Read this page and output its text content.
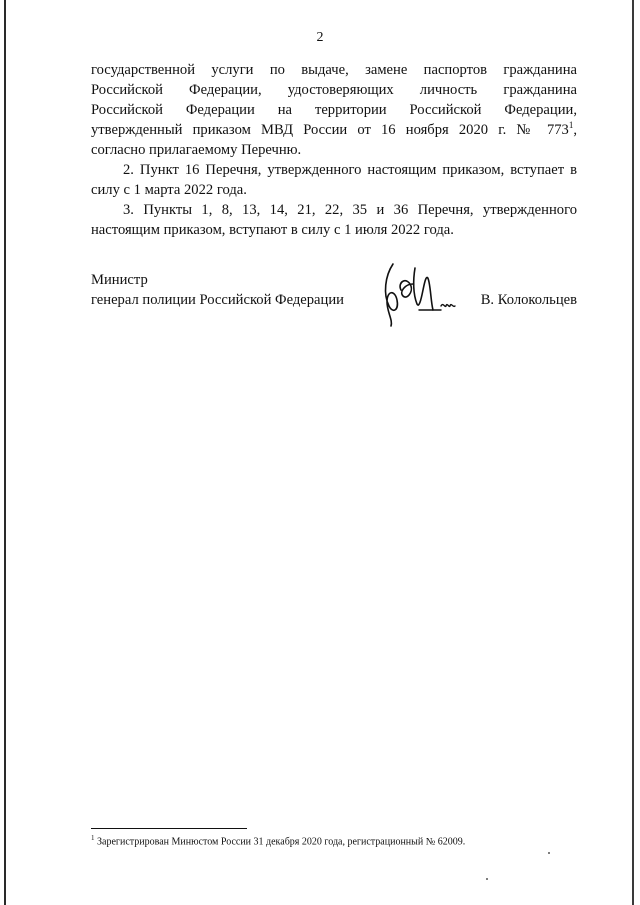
2

государственной услуги по выдаче, замене паспортов гражданина

Российской Федерации, удостоверяющих личность гражданина

Российской Федерации на территории Российской Федерации,

утвержденный приказом МВД России от 16 ноября 2020 г. № $773^1$,

согласно прилагаемому Перечню.

2. Пункт 16 Перечня, утвержденного настоящим приказом, вступает в силу с 1 марта 2022 года.

3. Пункты 1, 8, 13, 14, 21, 22, 35 и 36 Перечня, утвержденного настоящим приказом, вступают в силу с 1 июля 2022 года.

Министр
генерал полиции Российской Федерации	В. Колокольцев
$^1$ Зарегистрирован Минюстом России 31 декабря 2020 года, регистрационный № 62009.
